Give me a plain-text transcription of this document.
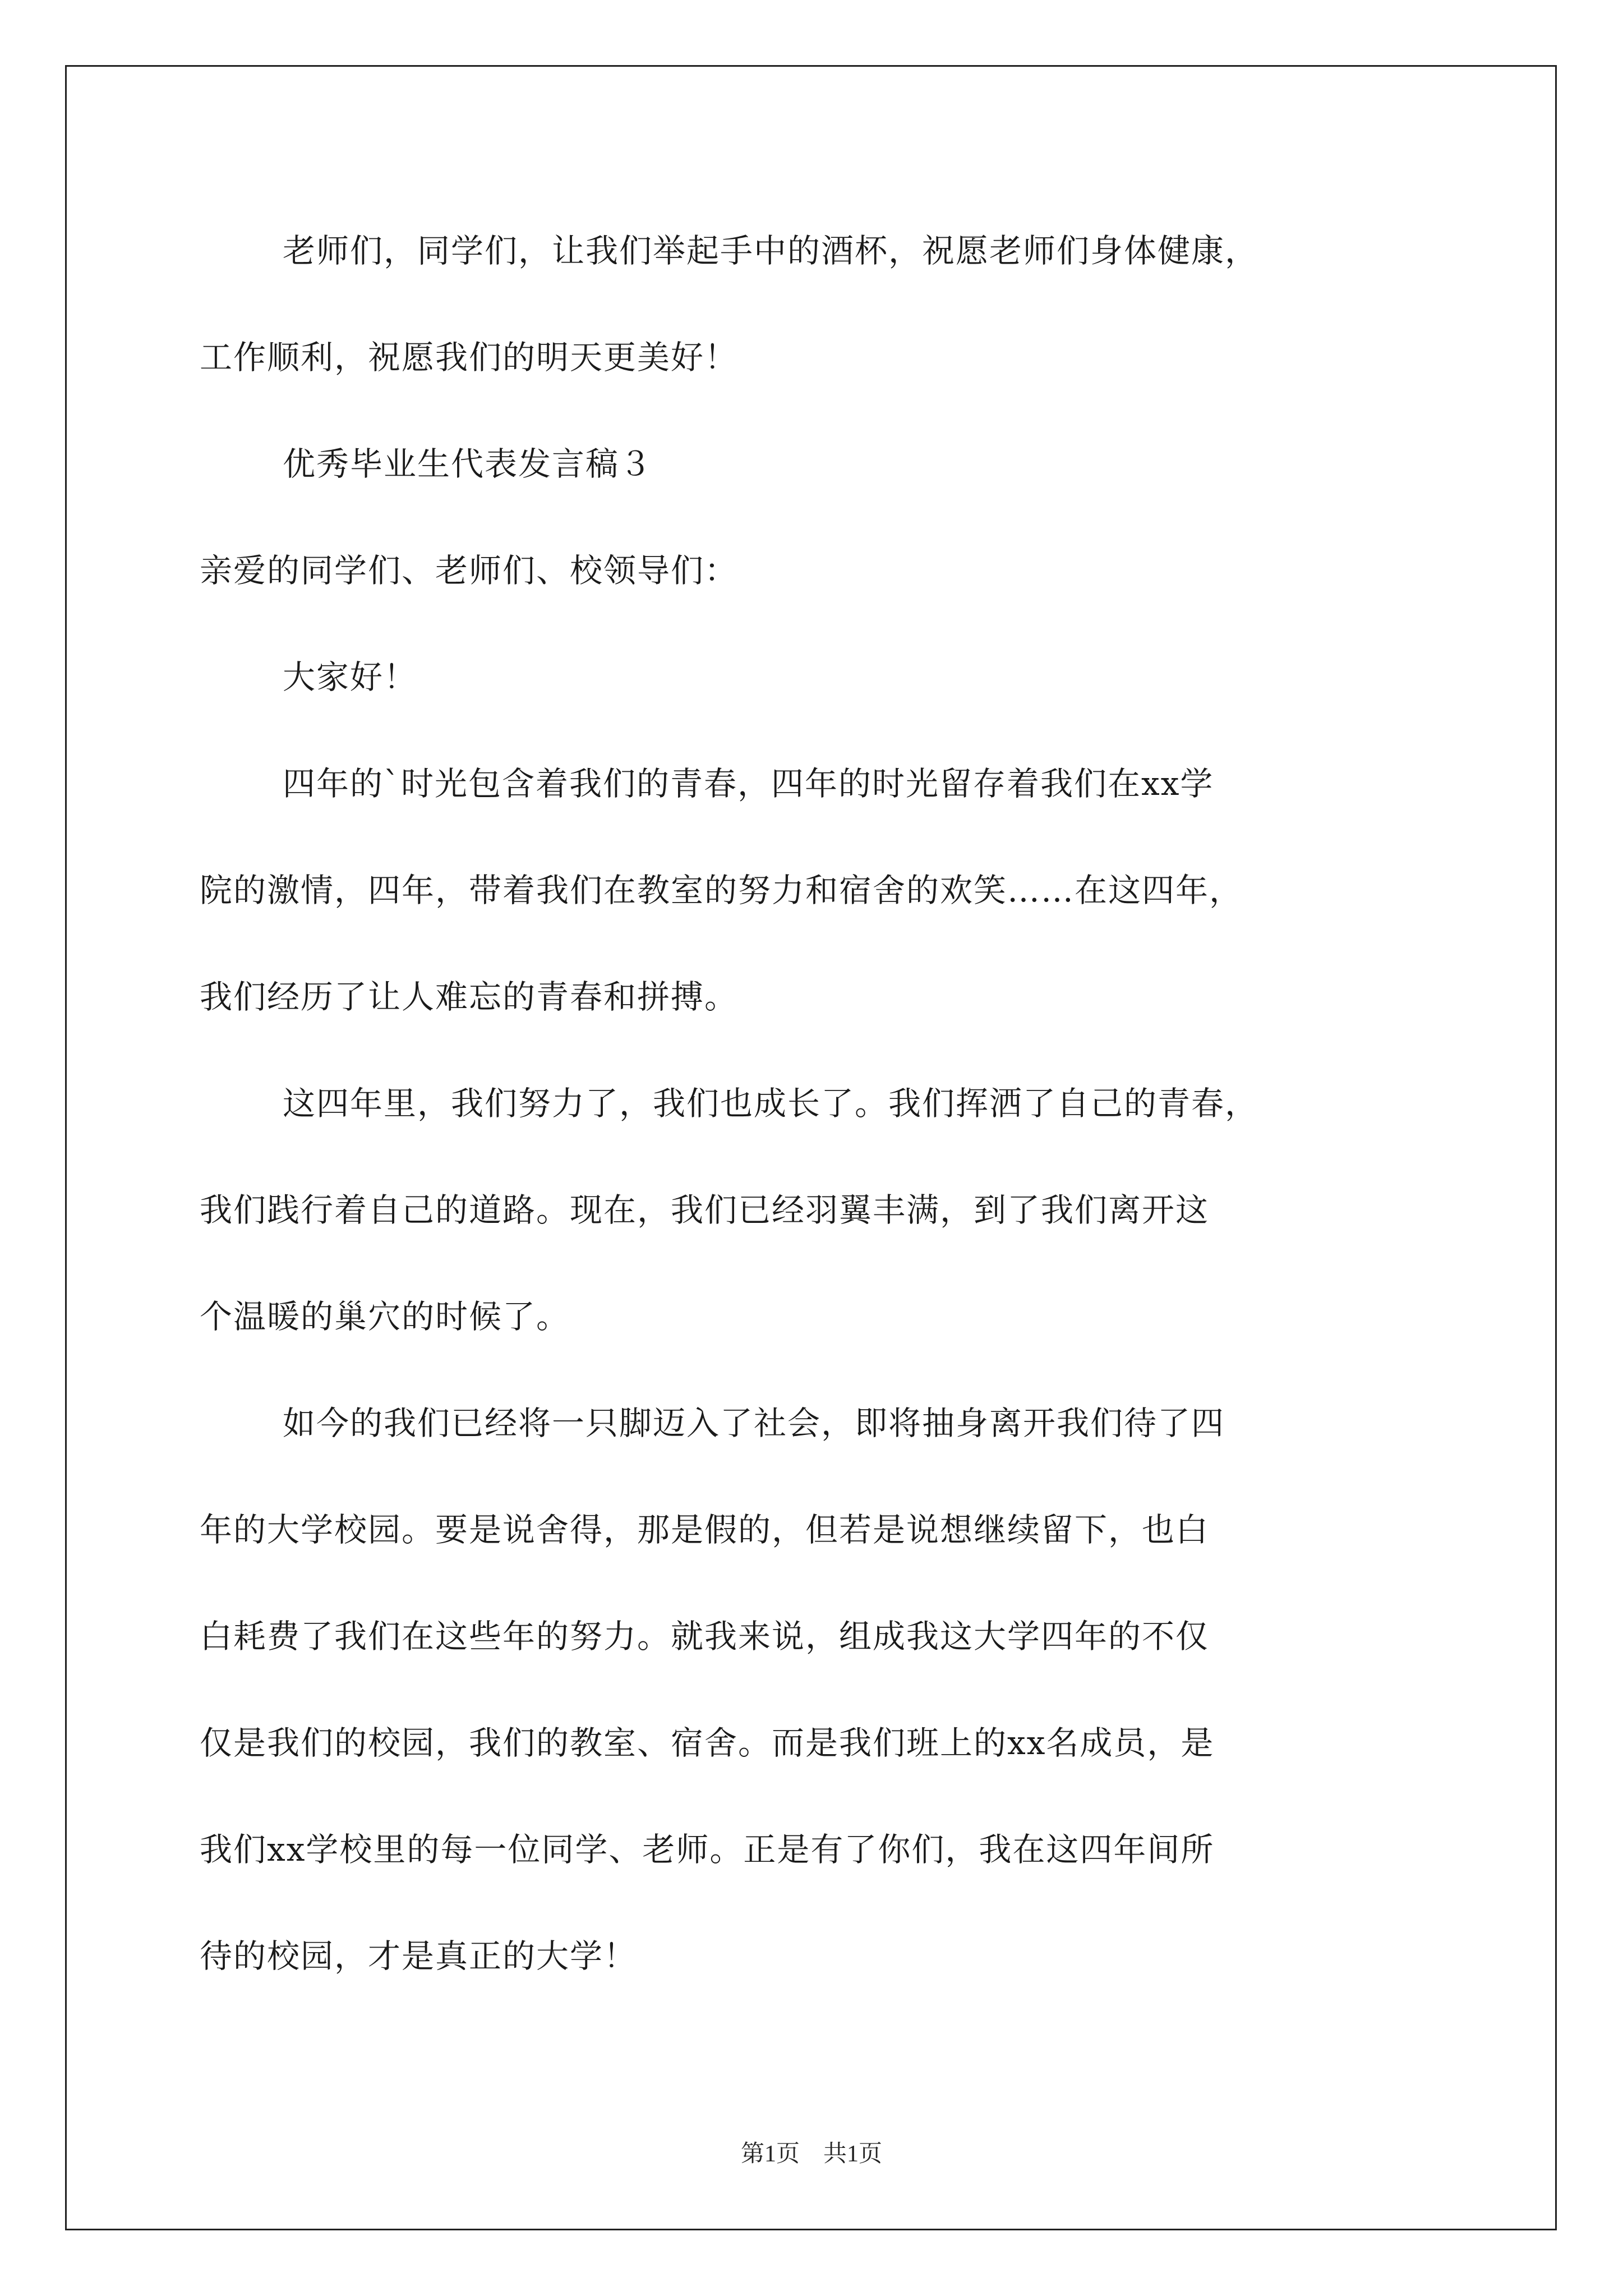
老师们，同学们，让我们举起手中的酒杯，祝愿老师们身体健康，
工作顺利，祝愿我们的明天更美好！
优秀毕业生代表发言稿３
亲爱的同学们、老师们、校领导们：
大家好！
四年的`时光包含着我们的青春，四年的时光留存着我们在xx学
院的激情，四年，带着我们在教室的努力和宿舍的欢笑……在这四年，
我们经历了让人难忘的青春和拼搏。
这四年里，我们努力了，我们也成长了。我们挥洒了自己的青春，
我们践行着自己的道路。现在，我们已经羽翼丰满，到了我们离开这
个温暖的巢穴的时候了。
如今的我们已经将一只脚迈入了社会，即将抽身离开我们待了四
年的大学校园。要是说舍得，那是假的，但若是说想继续留下，也白
白耗费了我们在这些年的努力。就我来说，组成我这大学四年的不仅
仅是我们的校园，我们的教室、宿舍。而是我们班上的xx名成员，是
我们xx学校里的每一位同学、老师。正是有了你们，我在这四年间所
待的校园，才是真正的大学！
第1页　共1页
